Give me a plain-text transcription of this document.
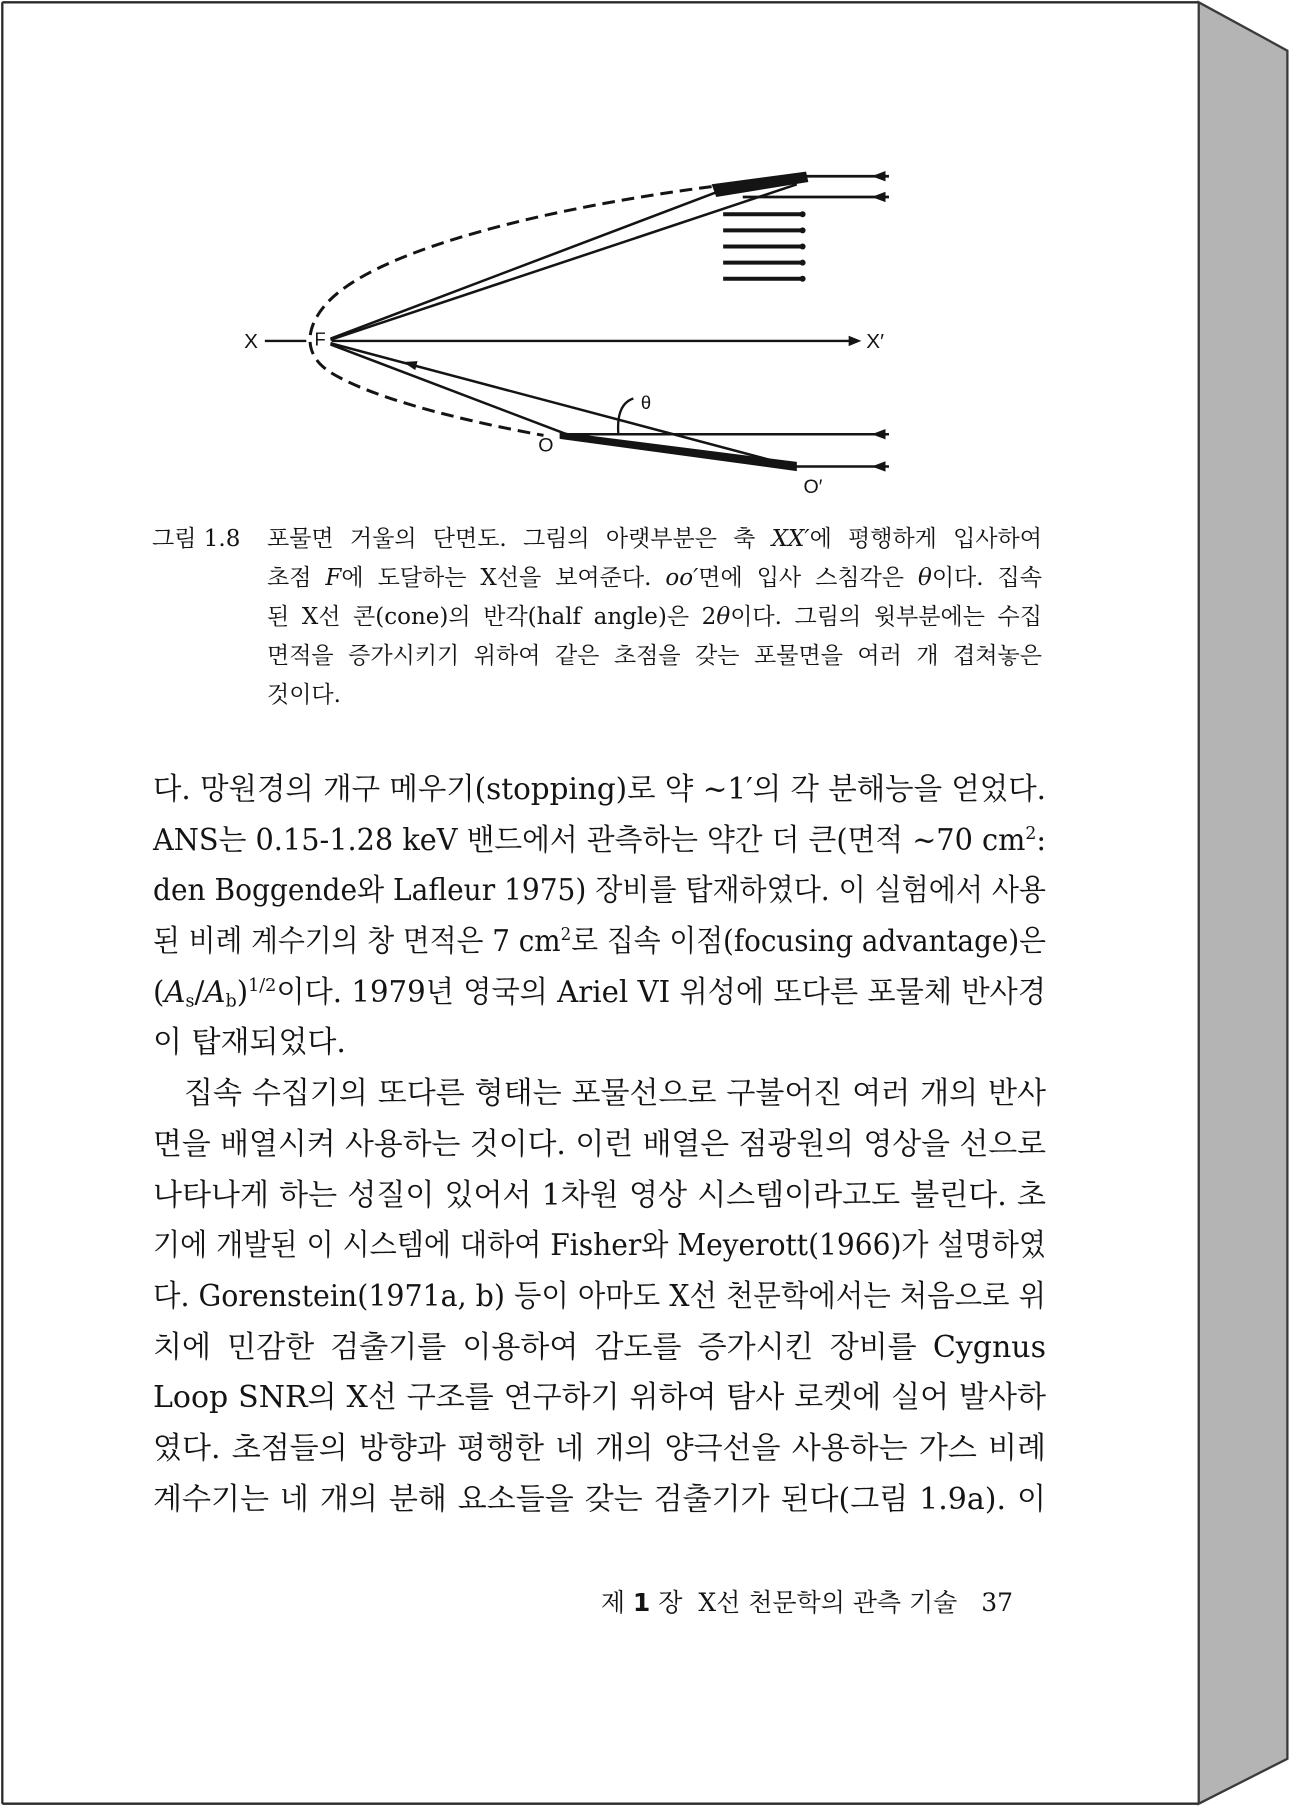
X	F	X′
θ
O
O′
그림 1.8 포물면 거울의 단면도. 그림의 아랫부분은 축 XX′에 평행하게 입사하여
초점 F에 도달하는 X선을 보여준다. oo′면에 입사 스침각은 θ이다. 집속
된 X선 콘(cone)의 반각(half angle)은 2θ이다. 그림의 윗부분에는 수집
면적을 증가시키기 위하여 같은 초점을 갖는 포물면을 여러 개 겹쳐놓은
것이다.
다. 망원경의 개구 메우기(stopping)로 약 ~1′의 각 분해능을 얻었다.
ANS는 0.15-1.28 keV 밴드에서 관측하는 약간 더 큰(면적 ~70 $cm^2$:
den Boggende와 Lafleur 1975) 장비를 탑재하였다. 이 실험에서 사용
된 비례 계수기의 창 면적은 7 $cm^2$로 집속 이점(focusing advantage)은
$(A_s/A_b)^{1/2}$이다. 1979년 영국의 Ariel VI 위성에 또다른 포물체 반사경
이 탑재되었다.
집속 수집기의 또다른 형태는 포물선으로 구불어진 여러 개의 반사
면을 배열시켜 사용하는 것이다. 이런 배열은 점광원의 영상을 선으로
나타나게 하는 성질이 있어서 1차원 영상 시스템이라고도 불린다. 초
기에 개발된 이 시스템에 대하여 Fisher와 Meyerott(1966)가 설명하였
다. Gorenstein(1971a, b) 등이 아마도 X선 천문학에서는 처음으로 위
치에 민감한 검출기를 이용하여 감도를 증가시킨 장비를 Cygnus
Loop SNR의 X선 구조를 연구하기 위하여 탐사 로켓에 실어 발사하
였다. 초점들의 방향과 평행한 네 개의 양극선을 사용하는 가스 비례
계수기는 네 개의 분해 요소들을 갖는 검출기가 된다(그림 1.9a). 이
제 1 장 X선 천문학의 관측 기술 37
